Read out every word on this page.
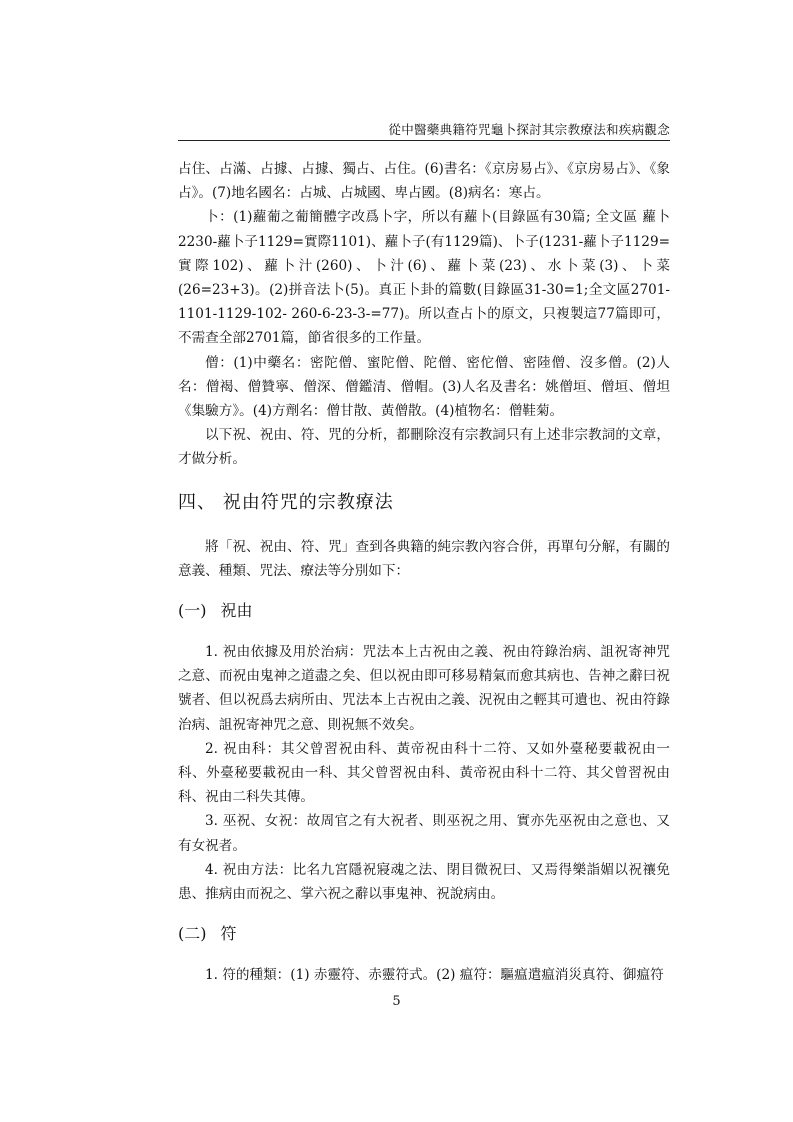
從中醫藥典籍符咒龜卜探討其宗教療法和疾病觀念

占住、占滿、占據、占據、獨占、占住。(6)書名：《京房易占》、《京房易占》、《象占》。(7)地名國名：占城、占城國、卑占國。(8)病名：寒占。

卜：(1)蘿葡之葡簡體字改爲卜字，所以有蘿卜(目錄區有30篇; 全文區 蘿卜2230-蘿卜子1129=實際1101)、蘿卜子(有1129篇)、卜子(1231-蘿卜子1129=實際102)、蘿卜汁(260)、卜汁(6)、蘿卜菜(23)、水卜菜(3)、卜菜(26=23+3)。(2)拼音法卜(5)。真正卜卦的篇數(目錄區31-30=1;全文區2701-1101-1129-102- 260-6-23-3-=77)。所以查占卜的原文，只複製這77篇即可，不需查全部2701篇，節省很多的工作量。

僧：(1)中藥名：密陀僧、蜜陀僧、陀僧、密佗僧、密陸僧、沒多僧。(2)人名：僧褐、僧贊寧、僧深、僧鑑清、僧帽。(3)人名及書名：姚僧垣、僧垣、僧坦《集驗方》。(4)方劑名：僧甘散、黃僧散。(4)植物名：僧鞋菊。

以下祝、祝由、符、咒的分析，都刪除沒有宗教詞只有上述非宗教詞的文章，才做分析。

四、 祝由符咒的宗教療法

將「祝、祝由、符、咒」查到各典籍的純宗教內容合併，再單句分解，有關的意義、種類、咒法、療法等分別如下：

(一) 祝由

1. 祝由依據及用於治病：咒法本上古祝由之義、祝由符錄治病、詛祝寄神咒之意、而祝由鬼神之道盡之矣、但以祝由即可移易精氣而愈其病也、告神之辭曰祝號者、但以祝爲去病所由、咒法本上古祝由之義、況祝由之輕其可遺也、祝由符錄治病、詛祝寄神咒之意、則祝無不效矣。

2. 祝由科：其父曾習祝由科、黃帝祝由科十二符、又如外臺秘要載祝由一科、外臺秘要載祝由一科、其父曾習祝由科、黃帝祝由科十二符、其父曾習祝由科、祝由二科失其傳。

3. 巫祝、女祝：故周官之有大祝者、則巫祝之用、實亦先巫祝由之意也、又有女祝者。

4. 祝由方法：比名九宮隱祝寢魂之法、閉目微祝曰、又焉得樂詣媚以祝禳免患、推病由而祝之、掌六祝之辭以事鬼神、祝說病由。

(二) 符

1. 符的種類：(1) 赤靈符、赤靈符式。(2) 瘟符：驅瘟遣瘟消災真符、御瘟符

5
